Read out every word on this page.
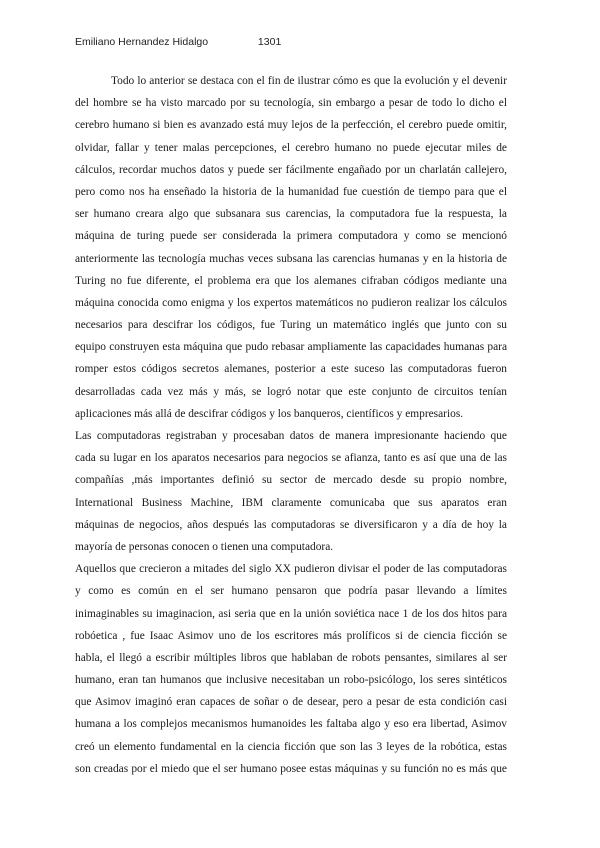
Emiliano Hernandez Hidalgo	1301
Todo lo anterior se destaca con el fin de ilustrar cómo es que la evolución y el devenir
del hombre se ha visto marcado por su tecnología, sin embargo a pesar de todo lo dicho el
cerebro humano si bien es avanzado está muy lejos de la perfección, el cerebro puede omitir,
olvidar, fallar y tener malas percepciones, el cerebro humano no puede ejecutar miles de
cálculos, recordar muchos datos y puede ser fácilmente engañado por un charlatán callejero,
pero como nos ha enseñado la historia de la humanidad fue cuestión de tiempo para que el
ser humano creara algo que subsanara sus carencias, la computadora fue la respuesta, la
máquina de turing puede ser considerada la primera computadora y como se mencionó
anteriormente las tecnología muchas veces subsana las carencias humanas y en la historia de
Turing no fue diferente, el problema era que los alemanes cifraban códigos mediante una
máquina conocida como enigma y los expertos matemáticos no pudieron realizar los cálculos
necesarios para descifrar los códigos, fue Turing un matemático inglés que junto con su
equipo construyen esta máquina que pudo rebasar ampliamente las capacidades humanas para
romper estos códigos secretos alemanes, posterior a este suceso las computadoras fueron
desarrolladas cada vez más y más, se logró notar que este conjunto de circuitos tenían
aplicaciones más allá de descifrar códigos y los banqueros, científicos y empresarios.
Las computadoras registraban y procesaban datos de manera impresionante haciendo que
cada su lugar en los aparatos necesarios para negocios se afianza, tanto es así que una de las
compañías ,más importantes definió su sector de mercado desde su propio nombre,
International Business Machine, IBM claramente comunicaba que sus aparatos eran
máquinas de negocios, años después las computadoras se diversificaron y a día de hoy la
mayoría de personas conocen o tienen una computadora.
Aquellos que crecieron a mitades del siglo XX pudieron divisar el poder de las computadoras
y como es común en el ser humano pensaron que podría pasar llevando a límites
inimaginables su imaginacion, asi seria que en la unión soviética nace 1 de los dos hitos para
robóetica , fue Isaac Asimov uno de los escritores más prolíficos si de ciencia ficción se
habla, el llegó a escribir múltiples libros que hablaban de robots pensantes, similares al ser
humano, eran tan humanos que inclusive necesitaban un robo-psicólogo, los seres sintéticos
que Asimov imaginó eran capaces de soñar o de desear, pero a pesar de esta condición casi
humana a los complejos mecanismos humanoides les faltaba algo y eso era libertad, Asimov
creó un elemento fundamental en la ciencia ficción que son las 3 leyes de la robótica, estas
son creadas por el miedo que el ser humano posee estas máquinas y su función no es más que
